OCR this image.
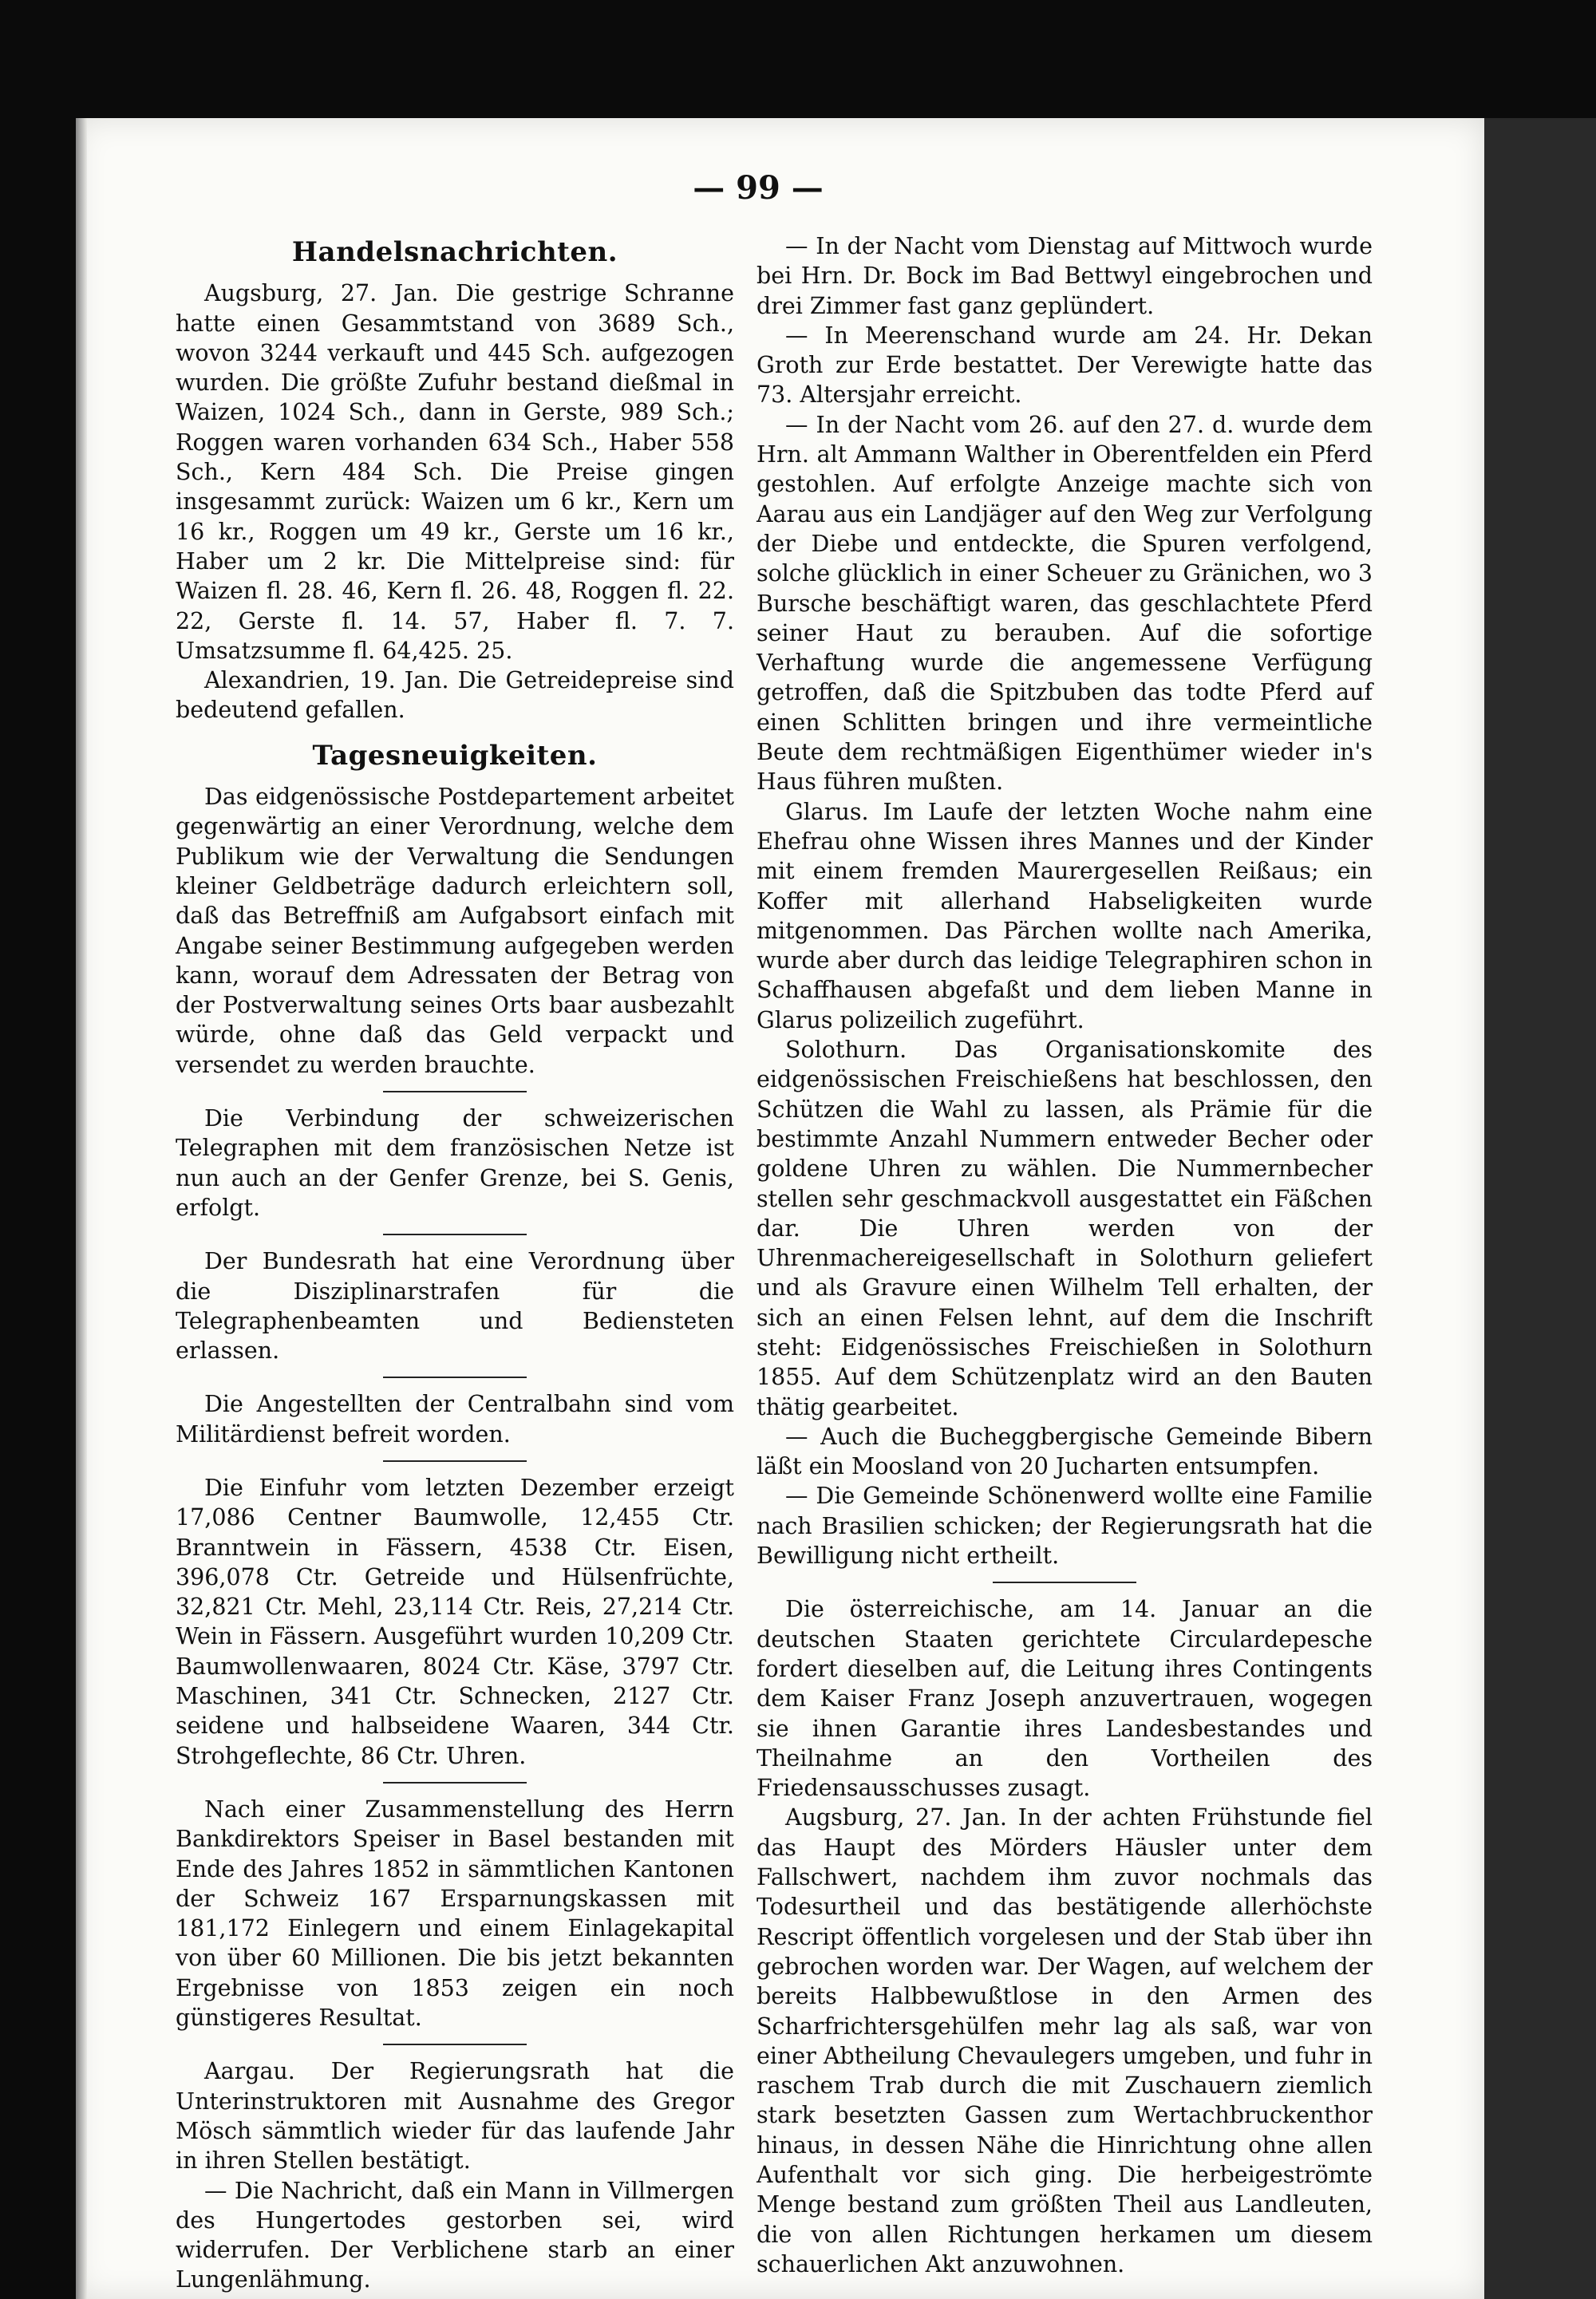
— 99 —
Handelsnachrichten.

Augsburg, 27. Jan. Die gestrige Schranne hatte einen Gesammtstand von 3689 Sch., wovon 3244 verkauft und 445 Sch. aufgezogen wurden. Die größte Zufuhr bestand dießmal in Waizen, 1024 Sch., dann in Gerste, 989 Sch.; Roggen waren vorhanden 634 Sch., Haber 558 Sch., Kern 484 Sch. Die Preise gingen insgesammt zurück: Waizen um 6 kr., Kern um 16 kr., Roggen um 49 kr., Gerste um 16 kr., Haber um 2 kr. Die Mittelpreise sind: für Waizen fl. 28. 46, Kern fl. 26. 48, Roggen fl. 22. 22, Gerste fl. 14. 57, Haber fl. 7. 7. Umsatzsumme fl. 64,425. 25.

Alexandrien, 19. Jan. Die Getreidepreise sind bedeutend gefallen.

Tagesneuigkeiten.

Das eidgenössische Postdepartement arbeitet gegenwärtig an einer Verordnung, welche dem Publikum wie der Verwaltung die Sendungen kleiner Geldbeträge dadurch erleichtern soll, daß das Betreffniß am Aufgabsort einfach mit Angabe seiner Bestimmung aufgegeben werden kann, worauf dem Adressaten der Betrag von der Postverwaltung seines Orts baar ausbezahlt würde, ohne daß das Geld verpackt und versendet zu werden brauchte.

Die Verbindung der schweizerischen Telegraphen mit dem französischen Netze ist nun auch an der Genfer Grenze, bei S. Genis, erfolgt.

Der Bundesrath hat eine Verordnung über die Disziplinarstrafen für die Telegraphenbeamten und Bediensteten erlassen.

Die Angestellten der Centralbahn sind vom Militärdienst befreit worden.

Die Einfuhr vom letzten Dezember erzeigt 17,086 Centner Baumwolle, 12,455 Ctr. Branntwein in Fässern, 4538 Ctr. Eisen, 396,078 Ctr. Getreide und Hülsenfrüchte, 32,821 Ctr. Mehl, 23,114 Ctr. Reis, 27,214 Ctr. Wein in Fässern. Ausgeführt wurden 10,209 Ctr. Baumwollenwaaren, 8024 Ctr. Käse, 3797 Ctr. Maschinen, 341 Ctr. Schnecken, 2127 Ctr. seidene und halbseidene Waaren, 344 Ctr. Strohgeflechte, 86 Ctr. Uhren.

Nach einer Zusammenstellung des Herrn Bankdirektors Speiser in Basel bestanden mit Ende des Jahres 1852 in sämmtlichen Kantonen der Schweiz 167 Ersparnungskassen mit 181,172 Einlegern und einem Einlagekapital von über 60 Millionen. Die bis jetzt bekannten Ergebnisse von 1853 zeigen ein noch günstigeres Resultat.

Aargau. Der Regierungsrath hat die Unterinstruktoren mit Ausnahme des Gregor Mösch sämmtlich wieder für das laufende Jahr in ihren Stellen bestätigt.

— Die Nachricht, daß ein Mann in Villmergen des Hungertodes gestorben sei, wird widerrufen. Der Verblichene starb an einer Lungenlähmung.

— In der Nacht vom Dienstag auf Mittwoch wurde bei Hrn. Dr. Bock im Bad Bettwyl eingebrochen und drei Zimmer fast ganz geplündert.

— In Meerenschand wurde am 24. Hr. Dekan Groth zur Erde bestattet. Der Verewigte hatte das 73. Altersjahr erreicht.

— In der Nacht vom 26. auf den 27. d. wurde dem Hrn. alt Ammann Walther in Oberentfelden ein Pferd gestohlen. Auf erfolgte Anzeige machte sich von Aarau aus ein Landjäger auf den Weg zur Verfolgung der Diebe und entdeckte, die Spuren verfolgend, solche glücklich in einer Scheuer zu Gränichen, wo 3 Bursche beschäftigt waren, das geschlachtete Pferd seiner Haut zu berauben. Auf die sofortige Verhaftung wurde die angemessene Verfügung getroffen, daß die Spitzbuben das todte Pferd auf einen Schlitten bringen und ihre vermeintliche Beute dem rechtmäßigen Eigenthümer wieder in's Haus führen mußten.

Glarus. Im Laufe der letzten Woche nahm eine Ehefrau ohne Wissen ihres Mannes und der Kinder mit einem fremden Maurergesellen Reißaus; ein Koffer mit allerhand Habseligkeiten wurde mitgenommen. Das Pärchen wollte nach Amerika, wurde aber durch das leidige Telegraphiren schon in Schaffhausen abgefaßt und dem lieben Manne in Glarus polizeilich zugeführt.

Solothurn. Das Organisationskomite des eidgenössischen Freischießens hat beschlossen, den Schützen die Wahl zu lassen, als Prämie für die bestimmte Anzahl Nummern entweder Becher oder goldene Uhren zu wählen. Die Nummernbecher stellen sehr geschmackvoll ausgestattet ein Fäßchen dar. Die Uhren werden von der Uhrenmachereigesellschaft in Solothurn geliefert und als Gravure einen Wilhelm Tell erhalten, der sich an einen Felsen lehnt, auf dem die Inschrift steht: Eidgenössisches Freischießen in Solothurn 1855. Auf dem Schützenplatz wird an den Bauten thätig gearbeitet.

— Auch die Bucheggbergische Gemeinde Bibern läßt ein Moosland von 20 Jucharten entsumpfen.

— Die Gemeinde Schönenwerd wollte eine Familie nach Brasilien schicken; der Regierungsrath hat die Bewilligung nicht ertheilt.

Die österreichische, am 14. Januar an die deutschen Staaten gerichtete Circulardepesche fordert dieselben auf, die Leitung ihres Contingents dem Kaiser Franz Joseph anzuvertrauen, wogegen sie ihnen Garantie ihres Landesbestandes und Theilnahme an den Vortheilen des Friedensausschusses zusagt.

Augsburg, 27. Jan. In der achten Frühstunde fiel das Haupt des Mörders Häusler unter dem Fallschwert, nachdem ihm zuvor nochmals das Todesurtheil und das bestätigende allerhöchste Rescript öffentlich vorgelesen und der Stab über ihn gebrochen worden war. Der Wagen, auf welchem der bereits Halbbewußtlose in den Armen des Scharfrichtersgehülfen mehr lag als saß, war von einer Abtheilung Chevaulegers umgeben, und fuhr in raschem Trab durch die mit Zuschauern ziemlich stark besetzten Gassen zum Wertachbruckenthor hinaus, in dessen Nähe die Hinrichtung ohne allen Aufenthalt vor sich ging. Die herbeigeströmte Menge bestand zum größten Theil aus Landleuten, die von allen Richtungen herkamen um diesem schauerlichen Akt anzuwohnen.
